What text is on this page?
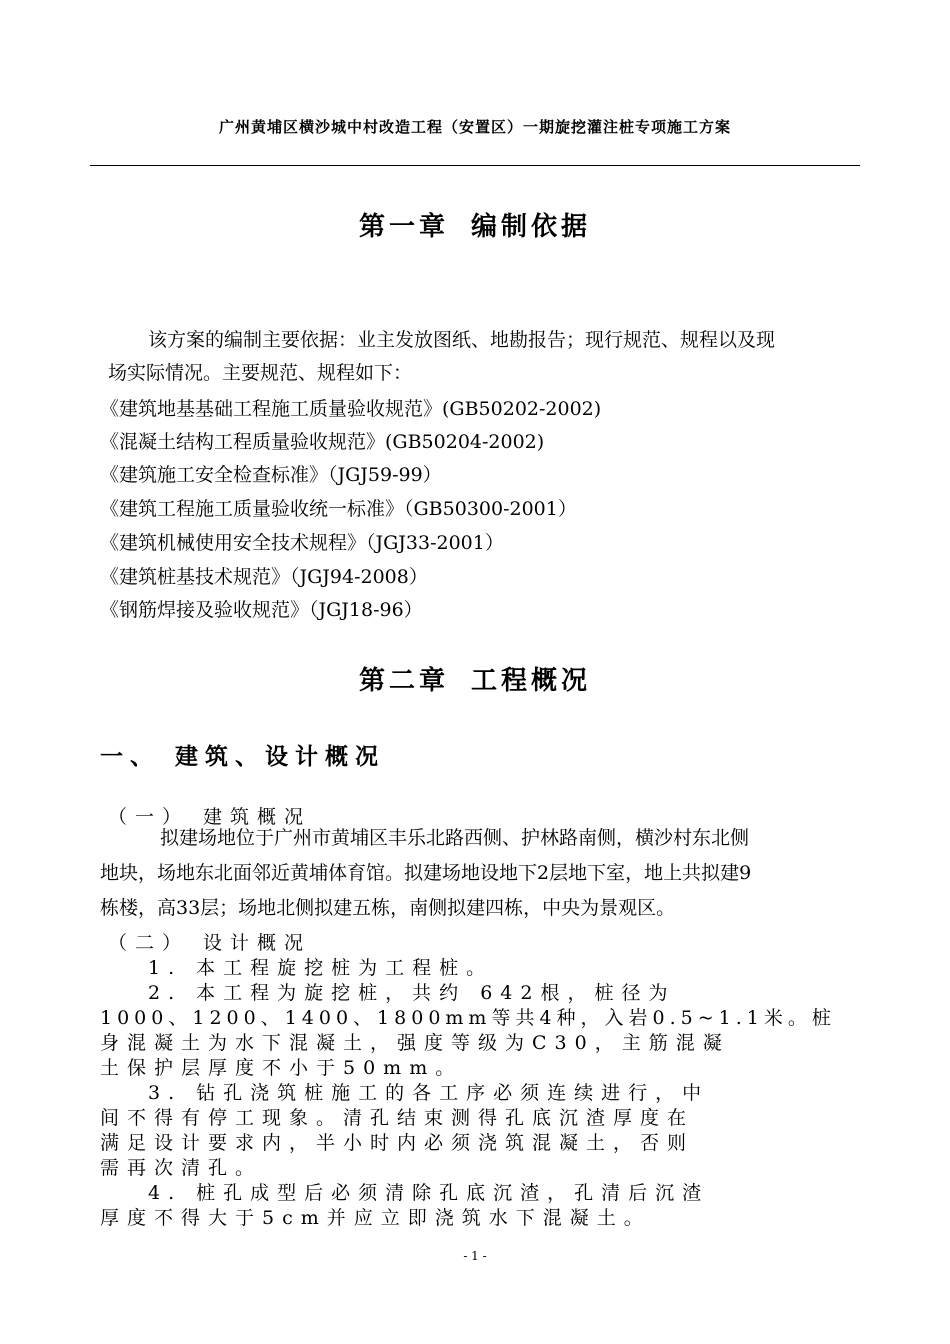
广州黄埔区横沙城中村改造工程（安置区）一期旋挖灌注桩专项施工方案
第一章 编制依据
该方案的编制主要依据：业主发放图纸、地勘报告；现行规范、规程以及现
场实际情况。主要规范、规程如下：
《建筑地基基础工程施工质量验收规范》(GB50202-2002)
《混凝土结构工程质量验收规范》(GB50204-2002)
《建筑施工安全检查标准》（JGJ59-99）
《建筑工程施工质量验收统一标准》（GB50300-2001）
《建筑机械使用安全技术规程》（JGJ33-2001）
《建筑桩基技术规范》（JGJ94-2008）
《钢筋焊接及验收规范》（JGJ18-96）
第二章 工程概况
一、 建筑、设计概况
（一） 建筑概况
拟建场地位于广州市黄埔区丰乐北路西侧、护林路南侧，横沙村东北侧
地块，场地东北面邻近黄埔体育馆。拟建场地设地下2层地下室，地上共拟建9
栋楼，高33层；场地北侧拟建五栋，南侧拟建四栋，中央为景观区。
（二） 设计概况
1. 本工程旋挖桩为工程桩。
2. 本工程为旋挖桩，共约 642根，桩径为
1000、1200、1400、1800mm等共4种，入岩0.5~1.1米。桩
身混凝土为水下混凝土，强度等级为C30，主筋混凝
土保护层厚度不小于50mm。
3. 钻孔浇筑桩施工的各工序必须连续进行，中
间不得有停工现象。清孔结束测得孔底沉渣厚度在
满足设计要求内，半小时内必须浇筑混凝土，否则
需再次清孔。
4. 桩孔成型后必须清除孔底沉渣，孔清后沉渣
厚度不得大于5cm并应立即浇筑水下混凝土。
- 1 -
